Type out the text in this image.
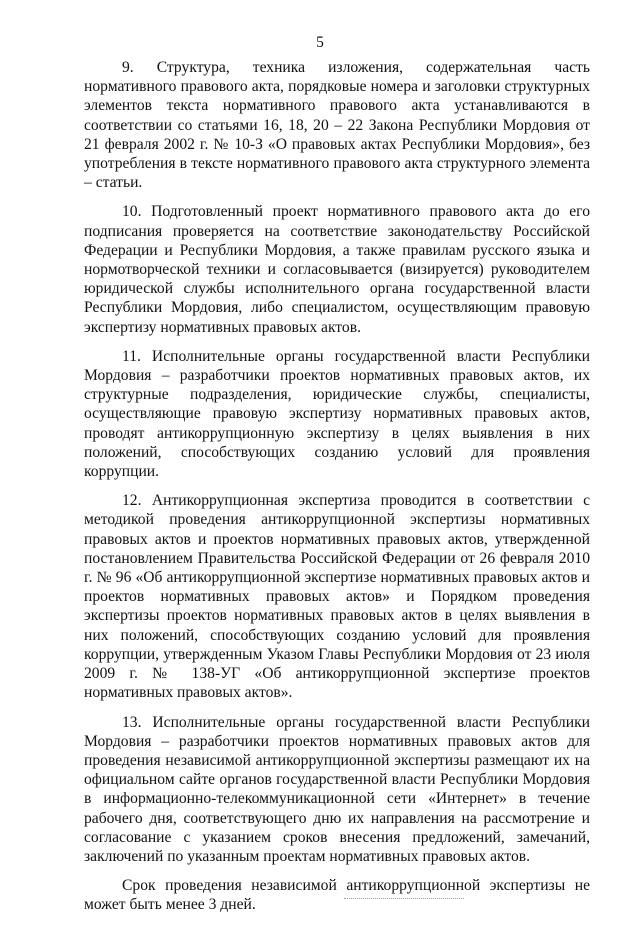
5

9. Структура, техника изложения, содержательная часть нормативного правового акта, порядковые номера и заголовки структурных элементов текста нормативного правового акта устанавливаются в соответствии со статьями 16, 18, 20 – 22 Закона Республики Мордовия от 21 февраля 2002 г. № 10-З «О правовых актах Республики Мордовия», без употребления в тексте нормативного правового акта структурного элемента – статьи.

10. Подготовленный проект нормативного правового акта до его подписания проверяется на соответствие законодательству Российской Федерации и Республики Мордовия, а также правилам русского языка и нормотворческой техники и согласовывается (визируется) руководителем юридической службы исполнительного органа государственной власти Республики Мордовия, либо специалистом, осуществляющим правовую экспертизу нормативных правовых актов.

11. Исполнительные органы государственной власти Республики Мордовия – разработчики проектов нормативных правовых актов, их структурные подразделения, юридические службы, специалисты, осуществляющие правовую экспертизу нормативных правовых актов, проводят антикоррупционную экспертизу в целях выявления в них положений, способствующих созданию условий для проявления коррупции.

12. Антикоррупционная экспертиза проводится в соответствии с методикой проведения антикоррупционной экспертизы нормативных правовых актов и проектов нормативных правовых актов, утвержденной постановлением Правительства Российской Федерации от 26 февраля 2010 г. № 96 «Об антикоррупционной экспертизе нормативных правовых актов и проектов нормативных правовых актов» и Порядком проведения экспертизы проектов нормативных правовых актов в целях выявления в них положений, способствующих созданию условий для проявления коррупции, утвержденным Указом Главы Республики Мордовия от 23 июля 2009 г. № 138-УГ «Об антикоррупционной экспертизе проектов нормативных правовых актов».

13. Исполнительные органы государственной власти Республики Мордовия – разработчики проектов нормативных правовых актов для проведения независимой антикоррупционной экспертизы размещают их на официальном сайте органов государственной власти Республики Мордовия в информационно-телекоммуникационной сети «Интернет» в течение рабочего дня, соответствующего дню их направления на рассмотрение и согласование с указанием сроков внесения предложений, замечаний, заключений по указанным проектам нормативных правовых актов.

Срок проведения независимой антикоррупционной экспертизы не может быть менее 3 дней.
